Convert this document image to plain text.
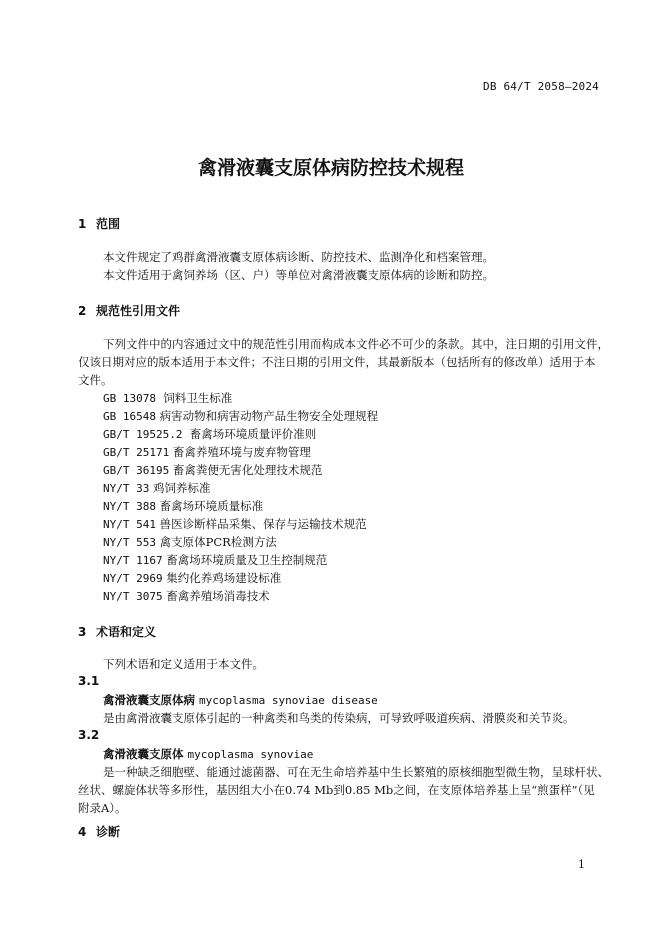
DB 64/T 2058—2024
禽滑液囊支原体病防控技术规程
1 范围
本文件规定了鸡群禽滑液囊支原体病诊断、防控技术、监测净化和档案管理。
本文件适用于禽饲养场（区、户）等单位对禽滑液囊支原体病的诊断和防控。
2 规范性引用文件
下列文件中的内容通过文中的规范性引用而构成本文件必不可少的条款。其中，注日期的引用文件，
仅该日期对应的版本适用于本文件；不注日期的引用文件，其最新版本（包括所有的修改单）适用于本
文件。
GB 13078 饲料卫生标准
GB 16548 病害动物和病害动物产品生物安全处理规程
GB/T 19525.2 畜禽场环境质量评价准则
GB/T 25171 畜禽养殖环境与废弃物管理
GB/T 36195 畜禽粪便无害化处理技术规范
NY/T 33 鸡饲养标准
NY/T 388 畜禽场环境质量标准
NY/T 541 兽医诊断样品采集、保存与运输技术规范
NY/T 553 禽支原体PCR检测方法
NY/T 1167 畜禽场环境质量及卫生控制规范
NY/T 2969 集约化养鸡场建设标准
NY/T 3075 畜禽养殖场消毒技术
3 术语和定义
下列术语和定义适用于本文件。
3.1
禽滑液囊支原体病 mycoplasma synoviae disease
是由禽滑液囊支原体引起的一种禽类和鸟类的传染病，可导致呼吸道疾病、滑膜炎和关节炎。
3.2
禽滑液囊支原体 mycoplasma synoviae
是一种缺乏细胞壁、能通过滤菌器、可在无生命培养基中生长繁殖的原核细胞型微生物，呈球杆状、
丝状、螺旋体状等多形性，基因组大小在0.74 Mb到0.85 Mb之间，在支原体培养基上呈“煎蛋样”（见
附录A）。
4 诊断
1
